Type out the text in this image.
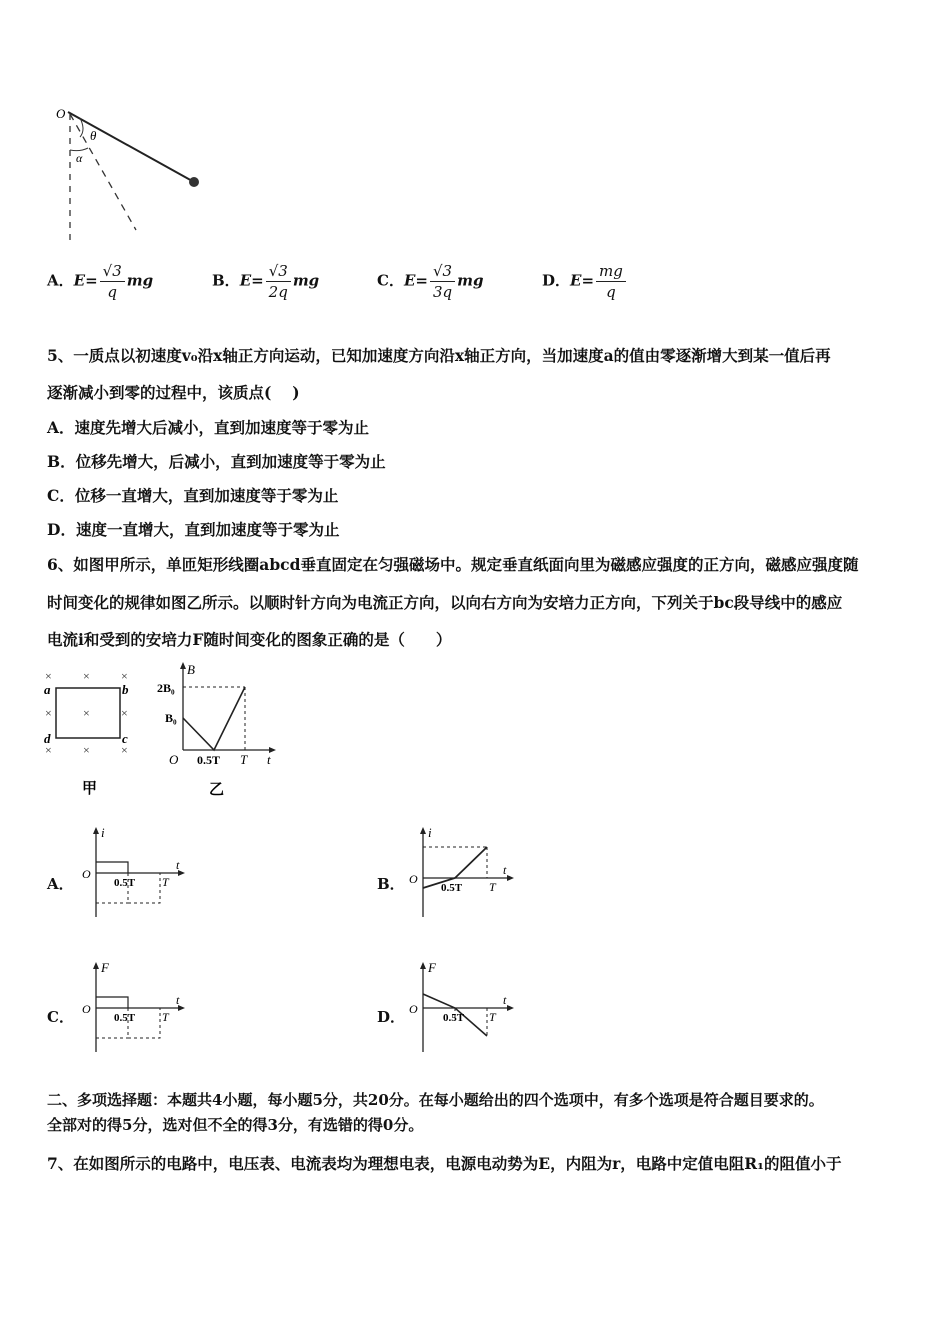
O
θ
α
A．$E= \frac{√3}{q}$ mg	B．$E= \frac{√3}{2q}$ mg	C．$E= \frac{√3}{3q}$ mg	D．$E= \frac{mg}{q}$
5、一质点以初速度v₀沿x轴正方向运动，已知加速度方向沿x轴正方向，当加速度a的值由零逐渐增大到某一值后再
逐渐减小到零的过程中，该质点(　 )
A．速度先增大后减小，直到加速度等于零为止
B．位移先增大，后减小，直到加速度等于零为止
C．位移一直增大，直到加速度等于零为止
D．速度一直增大，直到加速度等于零为止
6、如图甲所示，单匝矩形线圈abcd垂直固定在匀强磁场中。规定垂直纸面向里为磁感应强度的正方向，磁感应强度随
时间变化的规律如图乙所示。以顺时针方向为电流正方向，以向右方向为安培力正方向，下列关于bc段导线中的感应
电流i和受到的安培力F随时间变化的图象正确的是（　　）
×	×	×
×	×	×
×	×	×
a	b
c
d
甲
B
2B₀
B₀
O 0.5T T t
乙
A．
i
O
0.5T T
t
B．
i
O
0.5T T
t
C．
F
O
0.5T T
t
D．
F
O
0.5T T
t
二、多项选择题：本题共4小题，每小题5分，共20分。在每小题给出的四个选项中，有多个选项是符合题目要求的。
全部对的得5分，选对但不全的得3分，有选错的得0分。
7、在如图所示的电路中，电压表、电流表均为理想电表，电源电动势为E，内阻为r，电路中定值电阻R₁的阻值小于
